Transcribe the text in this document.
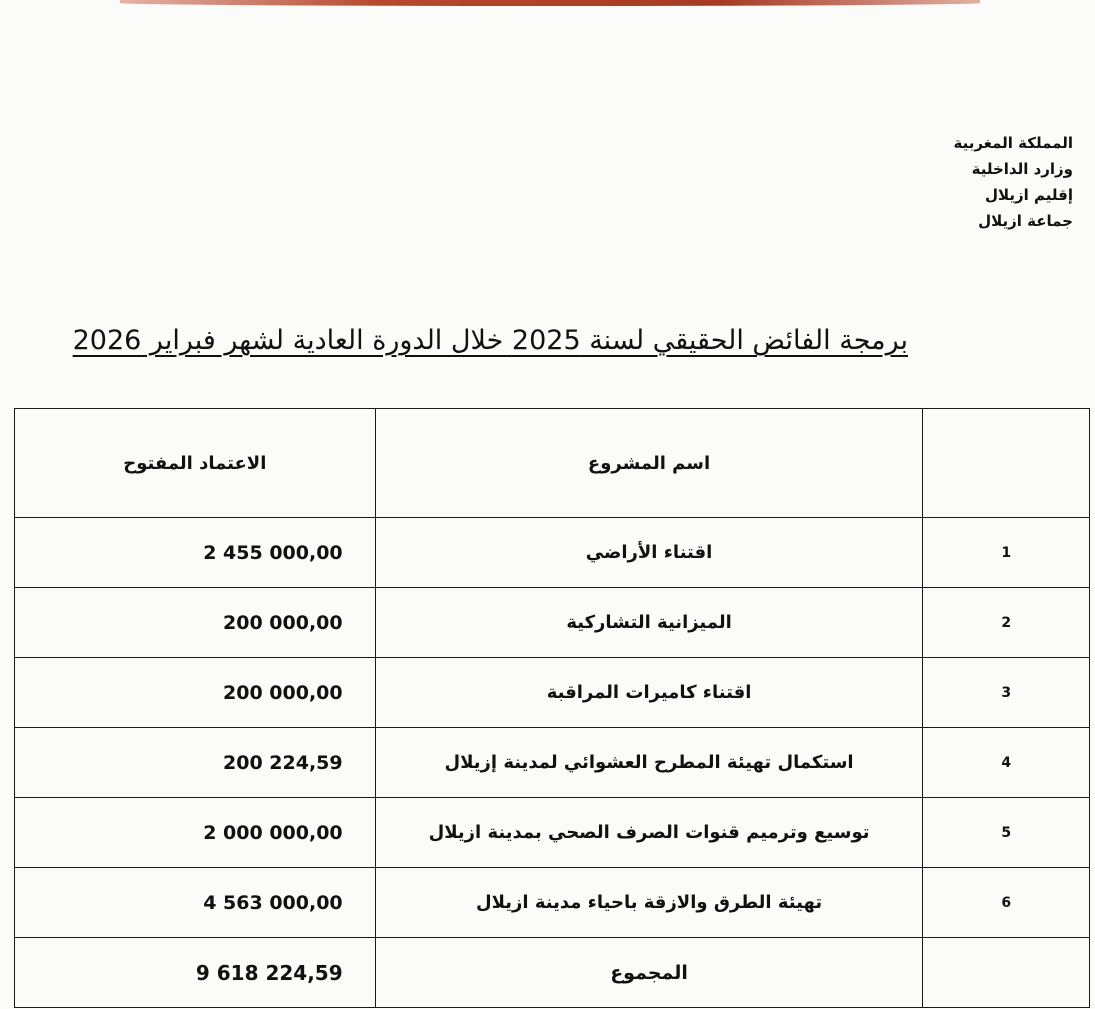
المملكة المغربية
وزارد الداخلية
إقليم ازيلال
جماعة ازيلال
برمجة الفائض الحقيقي لسنة 2025 خلال الدورة العادية لشهر فبراير 2026
	اسم المشروع	الاعتماد المفتوح
1	اقتناء الأراضي	2 455 000,00
2	الميزانية التشاركية	200 000,00
3	اقتناء كاميرات المراقبة	200 000,00
4	استكمال تهيئة المطرح العشوائي لمدينة إزيلال	200 224,59
5	توسيع وترميم قنوات الصرف الصحي بمدينة ازيلال	2 000 000,00
6	تهيئة الطرق والازقة باحياء مدينة ازيلال	4 563 000,00
	المجموع	9 618 224,59
